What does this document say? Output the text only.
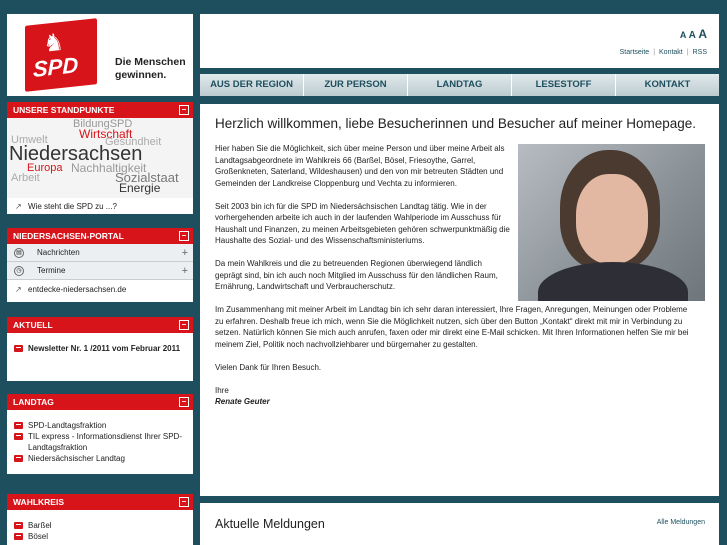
♞
SPD	Die Menschen
gewinnen.
UNSERE STANDPUNKTE	–
BildungSPD
Wirtschaft
Umwelt	Gesundheit
Niedersachsen
Europa Nachhaltigkeit
Arbeit	Sozialstaat
Energie
↗ Wie steht die SPD zu ...?
NIEDERSACHSEN-PORTAL	–
▤ Nachrichten	+
◷ Termine	+
↗ entdecke-niedersachsen.de
AKTUELL	–
Newsletter Nr. 1 /2011 vom Februar 2011
LANDTAG	–
SPD-Landtagsfraktion
TIL express - Informationsdienst Ihrer SPD-Landtagsfraktion
Niedersächsischer Landtag
WAHLKREIS	–
Barßel
Bösel
A A A
Startseite | Kontakt | RSS
AUS DER REGION	ZUR PERSON	LANDTAG	LESESTOFF	KONTAKT
Herzlich willkommen, liebe Besucherinnen und Besucher auf meiner Homepage.

Hier haben Sie die Möglichkeit, sich über meine Person und über meine Arbeit als Landtagsabgeordnete im Wahlkreis 66 (Barßel, Bösel, Friesoythe, Garrel, Großenkneten, Saterland, Wildeshausen) und den von mir betreuten Städten und Gemeinden der Landkreise Cloppenburg und Vechta zu informieren.

Seit 2003 bin ich für die SPD im Niedersächsischen Landtag tätig. Wie in der vorhergehenden arbeite ich auch in der laufenden Wahlperiode im Ausschuss für Haushalt und Finanzen, zu meinen Arbeitsgebieten gehören schwerpunktmäßig die Haushalte des Sozial- und des Wissenschaftsministeriums.

Da mein Wahlkreis und die zu betreuenden Regionen überwiegend ländlich geprägt sind, bin ich auch noch Mitglied im Ausschuss für den ländlichen Raum, Ernährung, Landwirtschaft und Verbraucherschutz.

Im Zusammenhang mit meiner Arbeit im Landtag bin ich sehr daran interessiert, Ihre Fragen, Anregungen, Meinungen oder Probleme zu erfahren. Deshalb freue ich mich, wenn Sie die Möglichkeit nutzen, sich über den Button „Kontakt“ direkt mit mir in Verbindung zu setzen. Natürlich können Sie mich auch anrufen, faxen oder mir direkt eine E-Mail schicken. Mit Ihren Informationen helfen Sie mir bei meinem Ziel, Politik noch nachvollziehbarer und bürgernaher zu gestalten.

Vielen Dank für Ihren Besuch.

Ihre
Renate Geuter
Aktuelle Meldungen	Alle Meldungen
